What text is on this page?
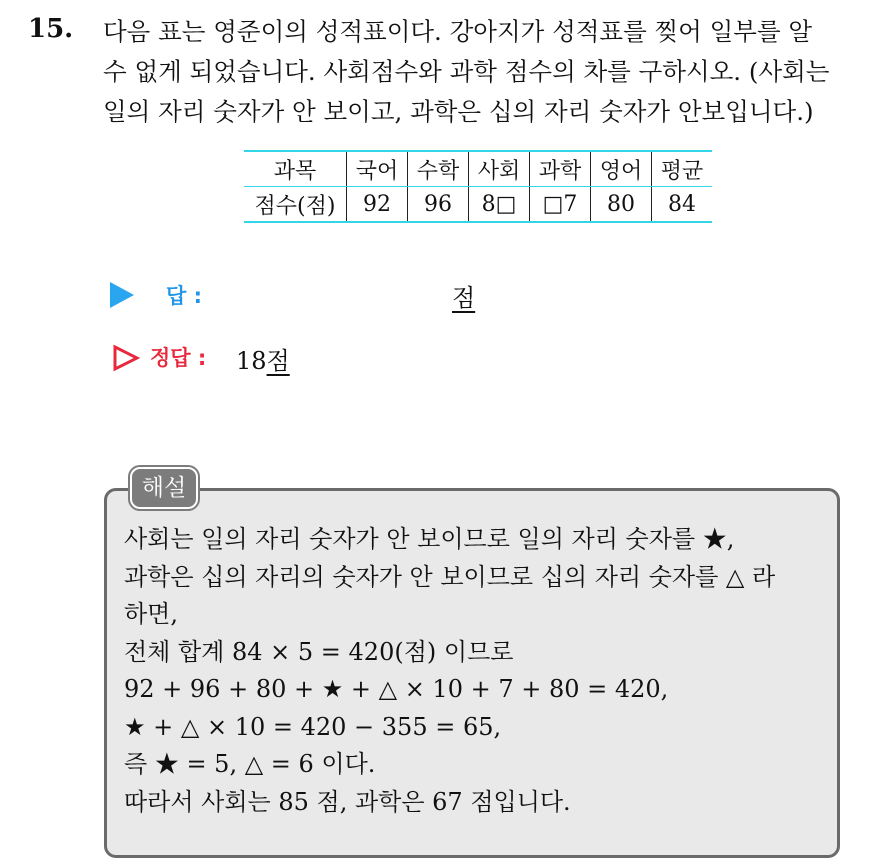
15. 다음 표는 영준이의 성적표이다. 강아지가 성적표를 찢어 일부를 알
수 없게 되었습니다. 사회점수와 과학 점수의 차를 구하시오. (사회는
일의 자리 숫자가 안 보이고, 과학은 십의 자리 숫자가 안보입니다.)
과목	국어	수학	사회	과학	영어	평균
점수(점)	92	96	8□	□7	80	84
답 :	점
정답 : 18점
해설
사회는 일의 자리 숫자가 안 보이므로 일의 자리 숫자를 ★,
과학은 십의 자리의 숫자가 안 보이므로 십의 자리 숫자를 △ 라
하면,
전체 합계 84 × 5 = 420(점) 이므로
92 + 96 + 80 + ★ + △ × 10 + 7 + 80 = 420,
★ + △ × 10 = 420 − 355 = 65,
즉 ★ = 5, △ = 6 이다.
따라서 사회는 85 점, 과학은 67 점입니다.
